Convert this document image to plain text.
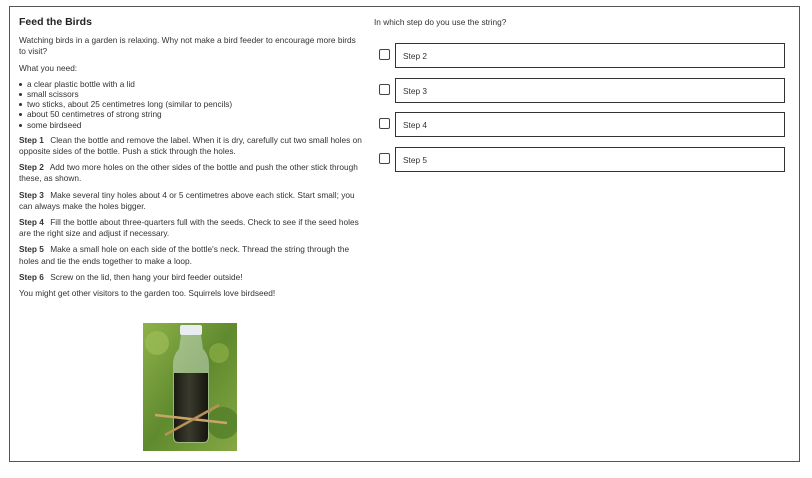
Feed the Birds
Watching birds in a garden is relaxing. Why not make a bird feeder to encourage more birds to visit?
What you need:
a clear plastic bottle with a lid
small scissors
two sticks, about 25 centimetres long (similar to pencils)
about 50 centimetres of strong string
some birdseed
Step 1 Clean the bottle and remove the label. When it is dry, carefully cut two small holes on opposite sides of the bottle. Push a stick through the holes.
Step 2 Add two more holes on the other sides of the bottle and push the other stick through these, as shown.
Step 3 Make several tiny holes about 4 or 5 centimetres above each stick. Start small; you can always make the holes bigger.
Step 4 Fill the bottle about three-quarters full with the seeds. Check to see if the seed holes are the right size and adjust if necessary.
Step 5 Make a small hole on each side of the bottle's neck. Thread the string through the holes and tie the ends together to make a loop.
Step 6 Screw on the lid, then hang your bird feeder outside!
You might get other visitors to the garden too. Squirrels love birdseed!
In which step do you use the string?
Step 2
Step 3
Step 4
Step 5
